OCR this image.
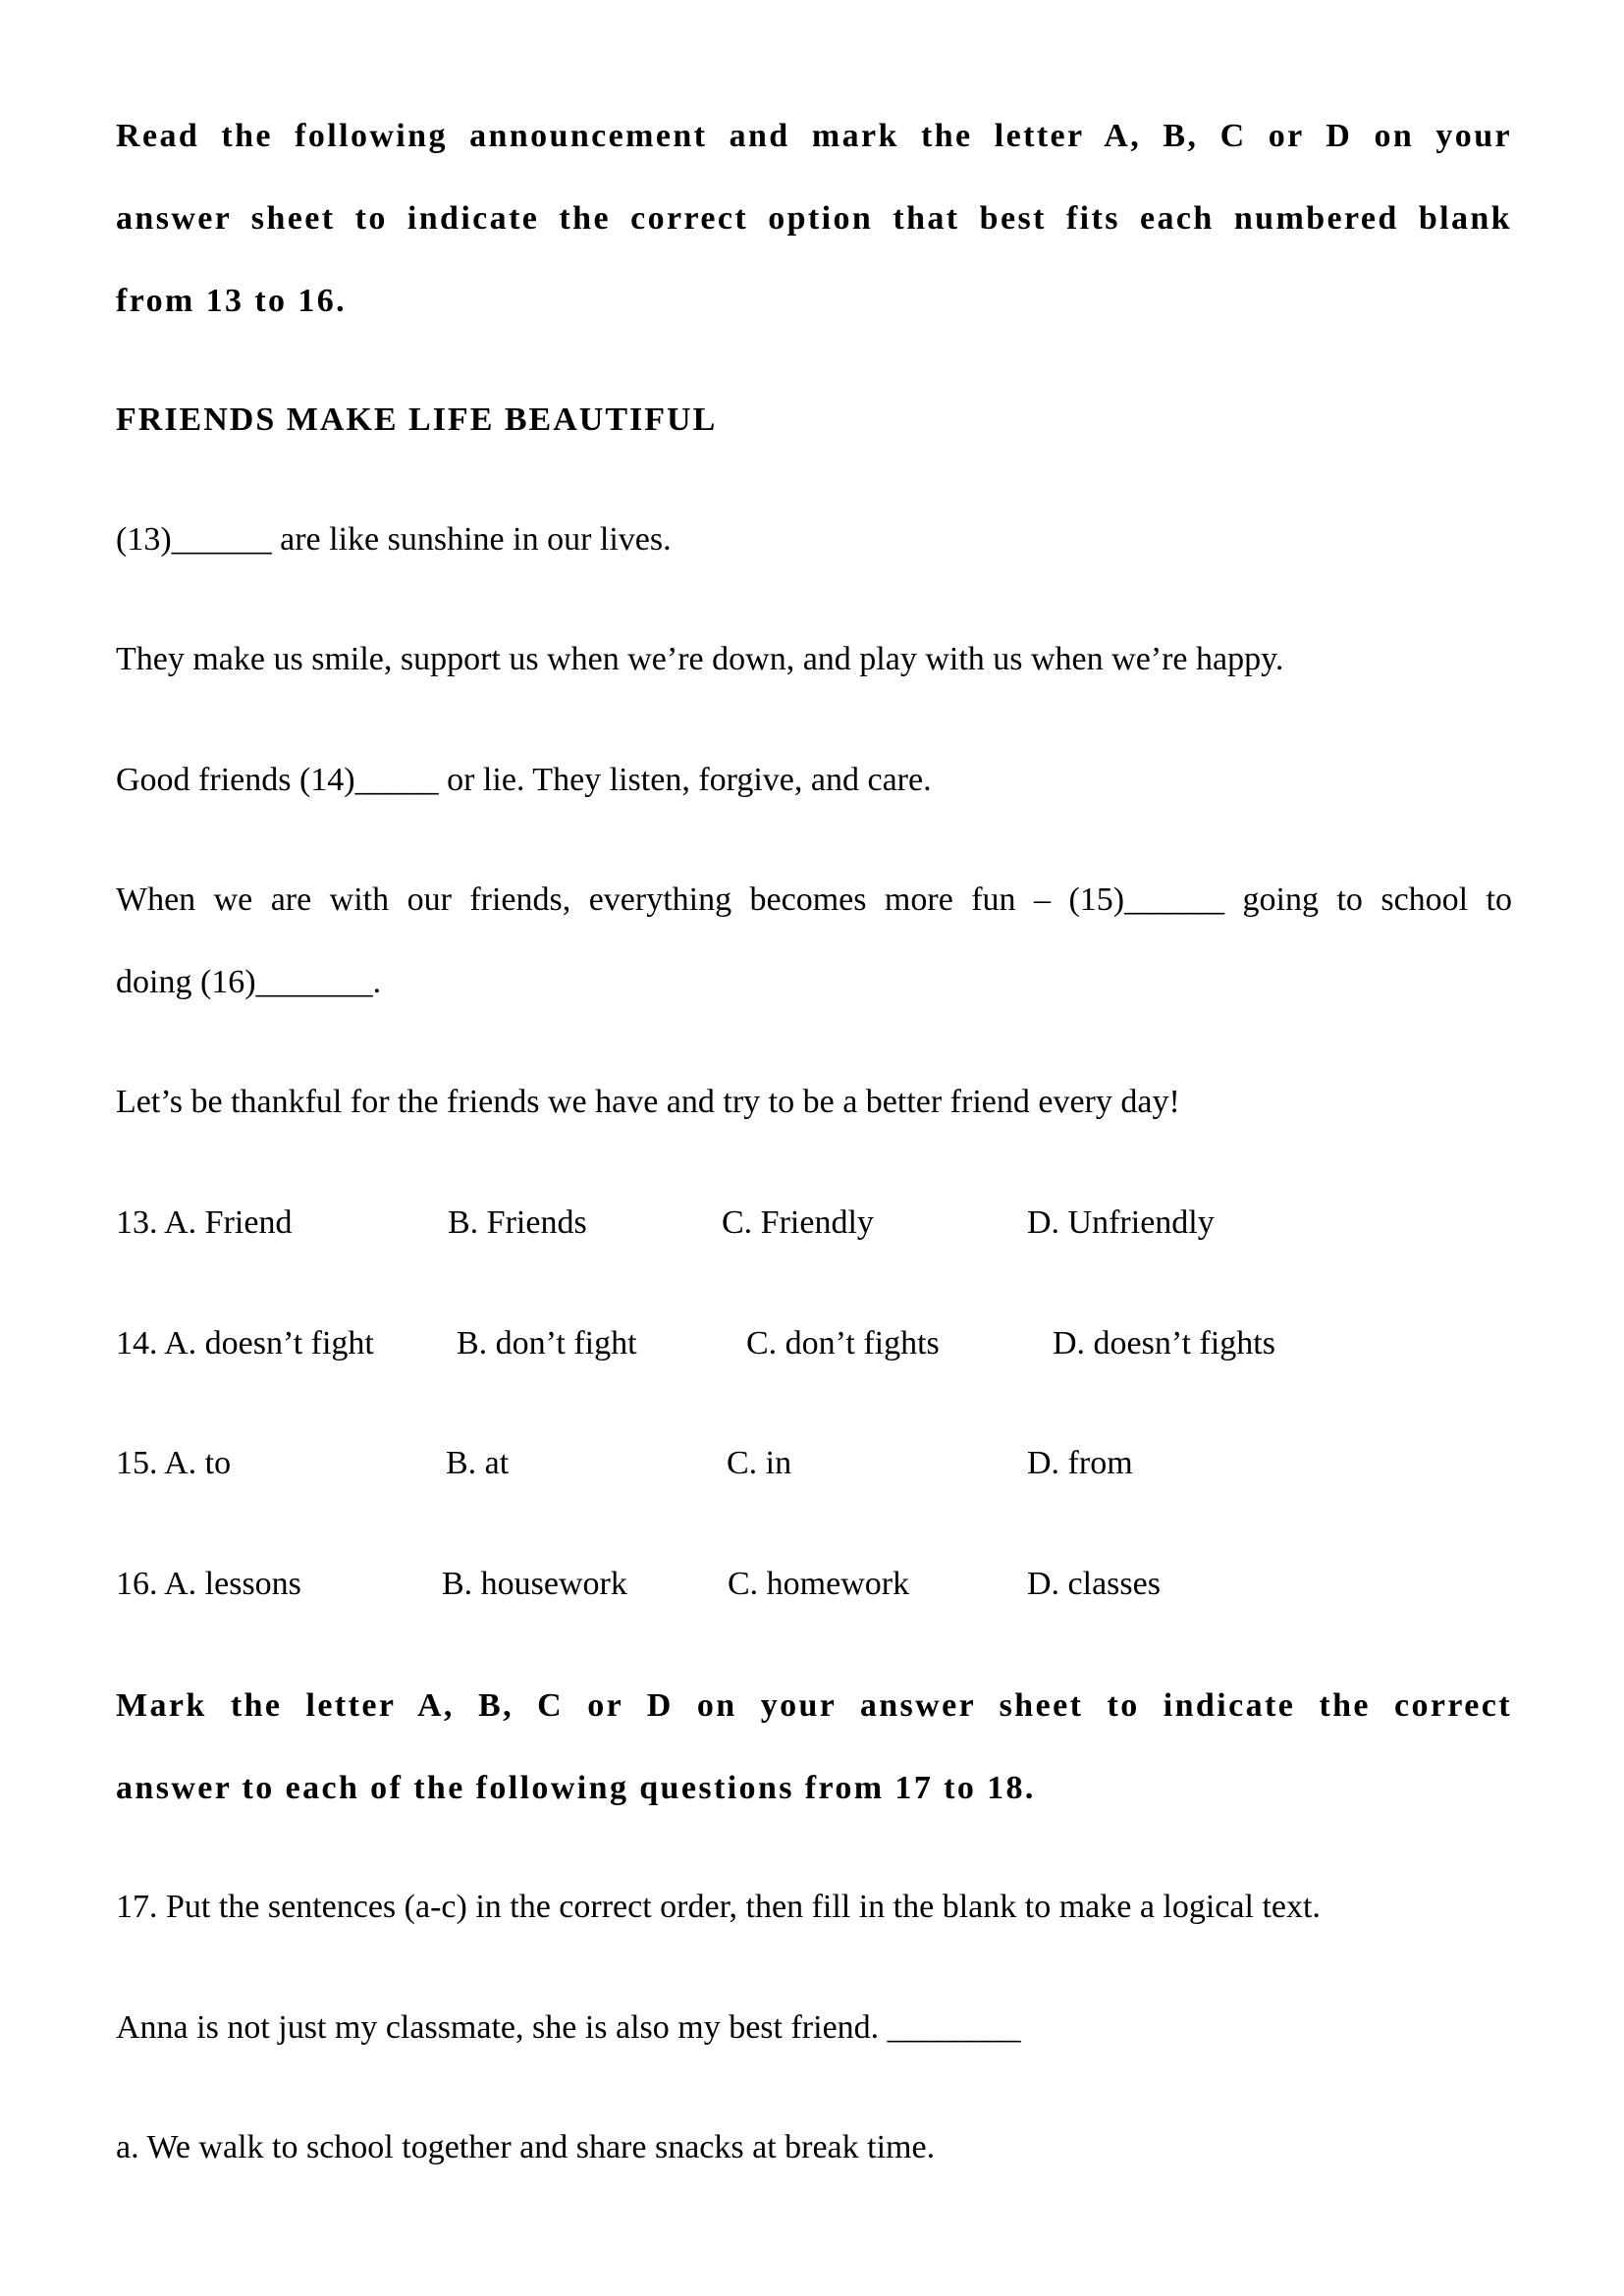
Read the following announcement and mark the letter A, B, C or D on your
answer sheet to indicate the correct option that best fits each numbered blank
from 13 to 16.
FRIENDS MAKE LIFE BEAUTIFUL
(13)______ are like sunshine in our lives.
They make us smile, support us when we’re down, and play with us when we’re happy.
Good friends (14)_____ or lie. They listen, forgive, and care.
When we are with our friends, everything becomes more fun – (15)______ going to school to
doing (16)_______.
Let’s be thankful for the friends we have and try to be a better friend every day!
13. A. Friend	B. Friends	C. Friendly	D. Unfriendly
14. A. doesn’t fight B. don’t fight	C. don’t fights	D. doesn’t fights
15. A. to	B. at	C. in	D. from
16. A. lessons	B. housework	C. homework	D. classes
Mark the letter A, B, C or D on your answer sheet to indicate the correct
answer to each of the following questions from 17 to 18.
17. Put the sentences (a-c) in the correct order, then fill in the blank to make a logical text.
Anna is not just my classmate, she is also my best friend. ________
a. We walk to school together and share snacks at break time.
